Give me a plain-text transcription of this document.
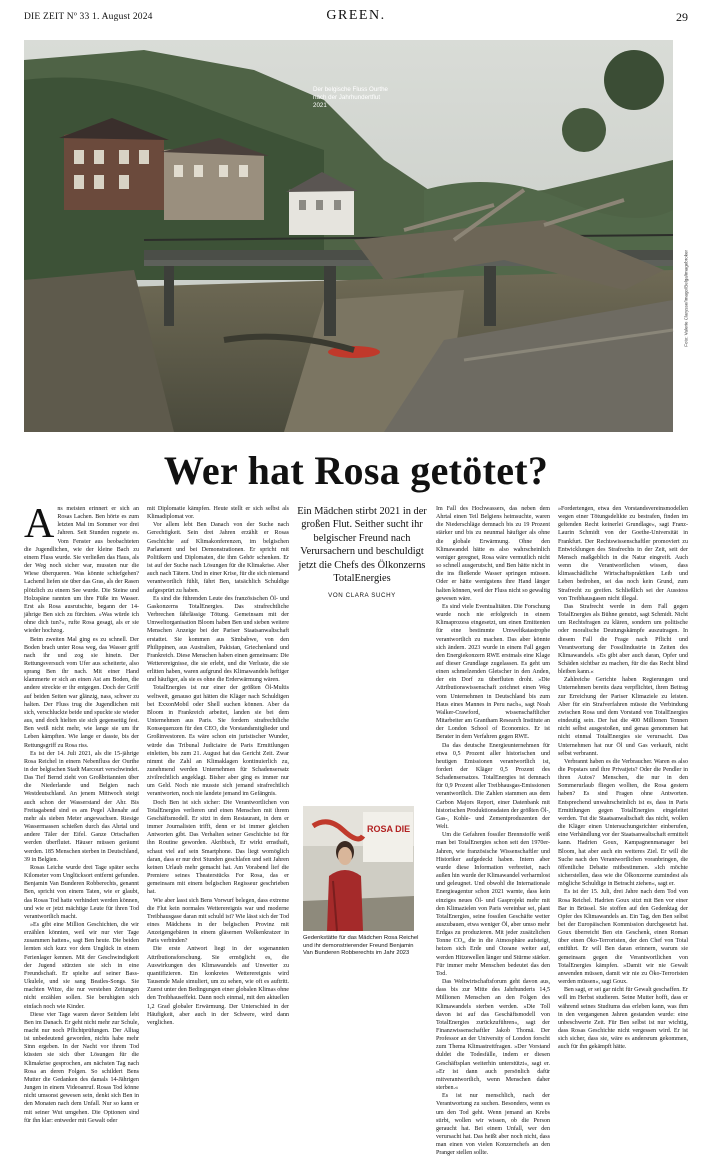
DIE ZEIT Nº 33 1. August 2024	GREEN.	29
Der belgische Fluss Ourthe nach der Jahrhundertflut 2021
Foto: Valerie Clarysse/Imago/Belga/imagebroker
Wer hat Rosa getötet?
A ns meisten erinnert er sich an Rosas Lachen. Ben hörte es zum letzten Mal im Sommer vor drei Jahren. Seit Stunden regnete es. Vom Fenster aus beobachteten die Jugendlichen, wie der kleine Bach zu einem Fluss wurde. Sie verließen das Haus, als der Weg noch sicher war, mussten nur die Wiese überqueren. Was könnte schiefgehen? Lachend liefen sie über das Gras, als der Rasen plötzlich zu einem See wurde. Die Steine und Holzspäne rannten um ihre Füße im Wasser. Erst als Rosa ausrutschte, begann der 14-jährige Ben sich zu fürchten. »Was würde ich ohne dich tun?«, rufte Rosa gesagt, als er sie wieder hochzog.

Beim zweiten Mal ging es zu schnell. Der Boden brach unter Rosa weg, das Wasser griff nach ihr und zog sie hinein. Der Rettungsversuch vom Ufer aus scheiterte, also sprang Ben ihr nach. Mit einer Hand klammerte er sich an einen Ast am Boden, die andere streckte er ihr entgegen. Doch der Griff auf beiden Seiten war glänzig, nass, schwer zu halten. Der Fluss trug die Jugendlichen mit sich, verschluckte beide und spuckte sie wieder aus, und doch hielten sie sich gegenseitig fest. Ben weiß nicht mehr, wie lange sie um ihr Leben kämpften. Wie lange er dasste, bis der Rettungsgriff zu Rosa riss.

Es ist der 14. Juli 2021, als die 15-jährige Rosa Reichel in einem Nebenfluss der Ourthe in der belgischen Stadt Marcourt verschwindet. Das Tief Bernd zieht von Großbritannien über die Niederlande und Belgien nach Westdeutschland. An jenem Mittwoch steigt auch schon der Wasserstand der Ahr. Bis Freitagabend sind es am Pegel Altenahr auf mehr als sieben Meter angewachsen. Riesige Wassermassen schießen durch das Ahrtal und andere Täler der Eifel. Ganze Ortschaften werden überflutet. Häuser müssen geräumt werden. 185 Menschen sterben in Deutschland, 39 in Belgien.

Rosas Leiche wurde drei Tage später sechs Kilometer vom Unglücksort entfernt gefunden. Benjamin Van Bunderen Robberechts, genannt Ben, spricht von einem Taten, wie er glaubt, das Rosas Tod hatte verhindert werden können, und wie er jetzt mächtige Leute für ihren Tod verantwortlich macht.

»Es gibt eine Million Geschichten, die wir erzählen könnten, weil wir nur vier Tage zusammen hatten«, sagt Ben heute. Die beiden lernten sich kurz vor dem Unglück in einem Ferienlager kennen. Mit der Geschwindigkeit der Jugend stürzten sie sich in eine Freundschaft. Er spielte auf seiner Bass-Ukulele, und sie sang Beatles-Songs. Sie machten Witze, die nur verstehen Zeitungen nicht erzählen sollen. Sie beruhigten sich einfach noch wie Kinder.

Diese vier Tage waren davor Seitdem lebt Ben im Danach. Er geht nicht mehr zur Schule, macht nur noch Pflichtprüfungen. Der Alltag ist unbedeutend geworden, nichts habe mehr Sinn ergeben. In der Nacht vor ihrem Tod küssten sie sich über Lösungen für die Klimakrise gesprochen, am nächsten Tag nach Rosa an deren Folgen. So schildert Bens Mutter die Gedanken des damals 14-Jährigen Jungen in einem Videoanruf. Rosas Tod könne nicht umsonst gewesen sein, denkt sich Ben in den Monaten nach dem Unfall. Nur so kann er mit seiner Wut umgehen. Die Optionen sind für ihn klar: entweder mit Gewalt oder

mit Diplomatie kämpfen. Heute stellt er sich selbst als Klimadiplomat vor.

Vor allem lebt Ben Danach von der Suche nach Gerechtigkeit. Sein drei Jahren erzählt er Rosas Geschichte auf Klimakonferenzen, im belgischen Parlament und bei Demonstrationen. Er spricht mit Politikern und Diplomaten, die ihm Gehör schenken. Er ist auf der Suche nach Lösungen für die Klimakrise. Aber auch nach Tätern. Und in einer Krise, für die sich niemand verantwortlich fühlt, fährt Ben, tatsächlich Schuldige aufgesprürt zu haben.

Es sind die führenden Leute des französischen Öl- und Gaskonzerns TotalEnergies. Das strafrechtliche Verbrechen fährlässige Tötung. Gemeinsam mit der Umweltorganisation Bloom haben Ben und sieben weitere Menschen Anzeige bei der Pariser Staatsanwaltschaft erstattet. Sie kommen aus Simbabwe, von den Philippinen, aus Australien, Pakistan, Griechenland und Frankreich. Diese Menschen haben einen gemeinsam: Die Wetterereignisse, die sie erlebt, und die Verluste, die sie erlitten haben, waren aufgrund des Klimawandels heftiger und häufiger, als sie es ohne die Erderwärmung wären.

TotalEnergies ist nur einer der größten Öl-Multis weltweit, genauso gut hätten die Kläger nach Schuldigen bei ExxonMobil oder Shell suchen können. Aber da Bloom in Frankreich arbeitet, landen sie bei dem Unternehmen aus Paris. Sie fordern strafrechtliche Konsequenzen für den CEO, die Vorstandsmitglieder und Großinvestoren. Es wäre schon ein juristischer Wunder, würde das Tribunal Judiciaire de Paris Ermittlungen einleiten, bis zum 21. August hat das Gericht Zeit. Zwar nimmt die Zahl an Klimaklagen kontinuierlich zu, zunehmend werden Unternehmen für Schadensersatz zivilrechtlich angeklagt. Bisher aber ging es immer nur um Geld. Noch nie musste sich jemand strafrechtlich verantworten, noch nie landete jemand im Gefängnis.

Doch Ben ist sich sicher: Die Verantwortlichen von TotalEnergies verlieren und einen Menschen mit ihrem Geschäftsmodell. Er sitzt in dem Restaurant, in dem er immer Journalisten trifft, denn er ist immer gleichen Antworten gibt. Das Verhalten seiner Geschichte ist für ihn Routine geworden. Akribisch, Er wirkt ernsthaft, schaut viel auf sein Smartphone. Das liegt womöglich daran, dass er nur drei Stunden geschlafen und seit Jahren keinen Urlaub mehr gemacht hat. Am Vorabend lief die Premiere seines Theaterstücks For Rosa, das er gemeinsam mit einem belgischen Regisseur geschrieben hat.

Wie aber lasst sich Bens Vorwurf belegen, dass extreme die Flut kein normales Wetterereignis war und moderne Treibhausgase daran mit schuld ist? Wie lässt sich der Tod eines Mädchens in der belgischen Provinz mit Anzeigengebären in einem gläsernen Wolkenkratzer in Paris verbinden?

Die erste Antwort liegt in der sogenannten Attributionsforschung. Sie ermöglicht es, die Auswirkungen des Klimawandels auf Unwetter zu quantifizieren. Ein konkretes Wetterereignis wird Tausende Male simuliert, um zu sehen, wie oft es auftritt. Zuerst unter den Bedingungen einer globalen Klimas ohne den Treibhauseffekt. Dann noch einmal, mit den aktuellen 1,2 Grad globaler Erwärmung. Der Unterschied in der Häufigkeit, aber auch in der Schwere, wird dann verglichen.

Ein Mädchen stirbt 2021 in der großen Flut. Seither sucht ihr belgischer Freund nach Verursachern und beschuldigt jetzt die Chefs des Ölkonzerns TotalEnergies
VON CLARA SUCHY
ROSA DIE
Gedenkstätte für das Mädchen Rosa Reichel und ihr demonstrierender Freund Benjamin Van Bunderen Robberechts im Jahr 2023

Im Fall des Hochwassers, das neben dem Ahrtal einen Teil Belgiens heimsuchte, waren die Niederschläge demnach bis zu 19 Prozent stärker und bis zu neunmal häufiger als ohne die globale Erwärmung. Ohne den Klimawandel hätte es also wahrscheinlich weniger geregnet, Rosa wäre vermutlich nicht so schnell ausgerutscht, und Ben hätte nicht in die ins fließende Wasser springen müssen. Oder er hätte wenigstens ihre Hand länger halten können, weil der Fluss nicht so gewaltig gewesen wäre.

Es sind viele Eventualitäten. Die Forschung wurde noch nie erfolgreich in einem Klimaprozess eingesetzt, um einen Emittenten für eine bestimmte Umweltkatastrophe verantwortlich zu machen. Das aber könnte sich ändern. 2023 wurde in einem Fall gegen den Energiekonzern RWE erstmals eine Klage auf dieser Grundlage zugelassen. Es geht um einen schmelzenden Gletscher in den Anden, der ein Dorf zu überfluten droht. »Die Attributionswissenschaft zeichnet einen Weg vom Unternehmen in Deutschland bis zum Haus eines Mannes in Peru nach«, sagt Noah Walker-Crawford, wissenschaftlicher Mitarbeiter am Grantham Research Institute an der London School of Economics. Er ist Berater in dem Verfahren gegen RWE.

Da das deutsche Energieunternehmen für etwa 0,5 Prozent aller historischen und heutigen Emissionen verantwortlich ist, fordert der Kläger 0,5 Prozent des Schadensersatzes. TotalEnergies ist demnach für 0,9 Prozent aller Treibhausgas-Emissionen verantwortlich. Die Zahlen stammen aus dem Carbon Majors Report, einer Datenbank mit historischen Produktionsdaten der größten Öl-, Gas-, Kohle- und Zementproduzenten der Welt.

Um die Gefahren fossiler Brennstoffe weiß man bei TotalEnergies schon seit den 1970er-Jahren, wie französische Wissenschaftler und Historiker aufgedeckt haben. Intern aber wurde diese Information verbreitet, nach außen hin wurde der Klimawandel verharmlost und geleugnet. Und obwohl die Internationale Energieagentur schon 2021 warnte, dass kein einziges neues Öl- und Gasprojekt mehr mit den Klimazielen von Paris vereinbar sei, plant TotalEnergies, seine fossilen Geschäfte weiter auszubauen, etwa weniger Öl, aber umso mehr Erdgas zu produzieren. Mit jeder zusätzlichen Tonne CO₂, die in die Atmosphäre aufsteigt, heizen sich Erde und Ozeane weiter auf, werden Hitzewellen länger und Stürme stärker. Für immer mehr Menschen bedeutet das den Tod.

Das Weltwirtschaftsforum geht davon aus, dass bis zur Mitte des Jahrhunderts 14,5 Millionen Menschen an den Folgen des Klimawandels sterben werden. »Die Toll davon ist auf das Geschäftsmodell von TotalEnergies zurückzuführen«, sagt der Finanzwissenschaftler Jakob Thomä. Der Professor an der University of London forscht zum Thema Klimastreitfragen. »Der Vorstand duldet die Todesfälle, indem er diesen Geschäftsplan weiterhin unterstützt«, sagt er. »Er ist dann auch persönlich dafür mitverantwortlich, wenn Menschen daher sterben.«

Es ist nur menschlich, nach der Verantwortung zu suchen. Besonders, wenn es um den Tod geht. Wenn jemand an Krebs stirbt, wollen wir wissen, ob die Person geraucht hat. Bei einem Unfall, wer den verursacht hat. Das heißt aber noch nicht, dass man einen von vielen Konzernchefs an den Pranger stellen sollte.

»Fordertengen, etwa den Vorstandsvereinsmodellen wegen einer Tötungsdelikte zu bestrafen, finden im geltenden Recht keinerlei Grundlage«, sagt Franz-Laurin Schmidt von der Goethe-Universität in Frankfurt. Der Rechtswissenschaftler promoviert zu Entwicklungen des Strafrechts in der Zeit, seit der Mensch maßgeblich in die Natur eingreift. Auch wenn die Verantwortlichen wissen, dass klimaschädliche Wirtschaftspraktiken Leib und Leben bedrohen, sei das noch kein Grund, zum Strafrecht zu greifen. Schließlich sei der Ausstoss von Treibhausgasen nicht illegal.

Das Strafrecht werde in dem Fall gegen TotalEnergies als Bühne genutzt, sagt Schmidt. Nicht um Rechtsfragen zu klären, sondern um politische oder moralische Deutungskämpfe auszutragen. In diesem Fall die Frage nach Pflicht und Verantwortung der Fossilindustrie in Zeiten des Klimawandels. »Es gibt aber auch daran, Opfer und Schäden sichtbar zu machen, für die das Recht blind bleiben kann.«

Zahlreiche Gerichte haben Regierungen und Unternehmen bereits dazu verpflichtet, ihren Beitrag zur Erreichung der Pariser Klimaziele zu leisten. Aber für ein Strafverfahren müsste die Verbindung zwischen Rosa und dem Vorstand von TotalEnergies eindeutig sein. Der hat die 400 Millionen Tonnen nicht selbst ausgestoßen, und genau genommen hat nicht einmal TotalEnergies sie verursacht. Das Unternehmen hat nur Öl und Gas verkauft, nicht selbst verbrannt.

Verbrannt haben es die Verbraucher. Waren es also die Popstars und ihre Privatjets? Oder die Pendler in ihren Autos? Menschen, die nur in den Sommerurlaub fliegen wollten, die Rosa gestern haben? Es sind Fragen ohne Antworten. Entsprechend unwahrscheinlich ist es, dass in Paris Ermittlungen gegen TotalEnergies eingeleitet werden. Tut die Staatsanwaltschaft das nicht, wollen die Kläger einen Untersuchungsrichter einberufen, eine Verhändlung vor der Staatsanwaltschaft ermittelt kann. Hadrien Goux, Kampagnenmanager bei Bloom, hat aber auch ein weiteres Ziel. Er will die Suche nach den Verantwortlichen voranbringen, die öffentliche Debatte mitbestimmen. »Ich möchte sicherstellen, dass wie die Ölkonzerne zumindest als mögliche Schuldige in Betracht ziehen«, sagt er.

Es ist der 15. Juli, drei Jahre nach dem Tod von Rosa Reichel. Hadrien Goux sitzt mit Ben vor einer Bar in Brüssel. Sie stoffen auf den Gedenktag der Opfer des Klimawandels an. Ein Tag, den Ben selbst bei der Europäischen Kommission durchgesetzt hat. Goux überreicht Ben ein Geschenk, einen Roman über einen Öko-Terroristen, der den Chef von Total entführt. Er will Ben daran erinnern, warum sie gemeinsam gegen die Verantwortlichen von TotalEnergies kämpfen. »Damit wir nie Gewalt anwenden müssen, damit wir nie zu Öko-Terroristen werden müssen«, sagt Goux.

Ben sagt, er sei gar nicht für Gewalt geschaffen. Er will im Herbst studieren. Seine Mutter hofft, dass er während seines Studiums das erleben kann, was ihm in den vergangenen Jahren gestanden wurde: eine unbeschwerte Zeit. Für Ben selbst ist nur wichtig, dass Rosas Geschichte nicht vergessen wird. Er ist sich sicher, dass sie, wäre es andersrum gekommen, auch für ihn gekämpft hätte.
